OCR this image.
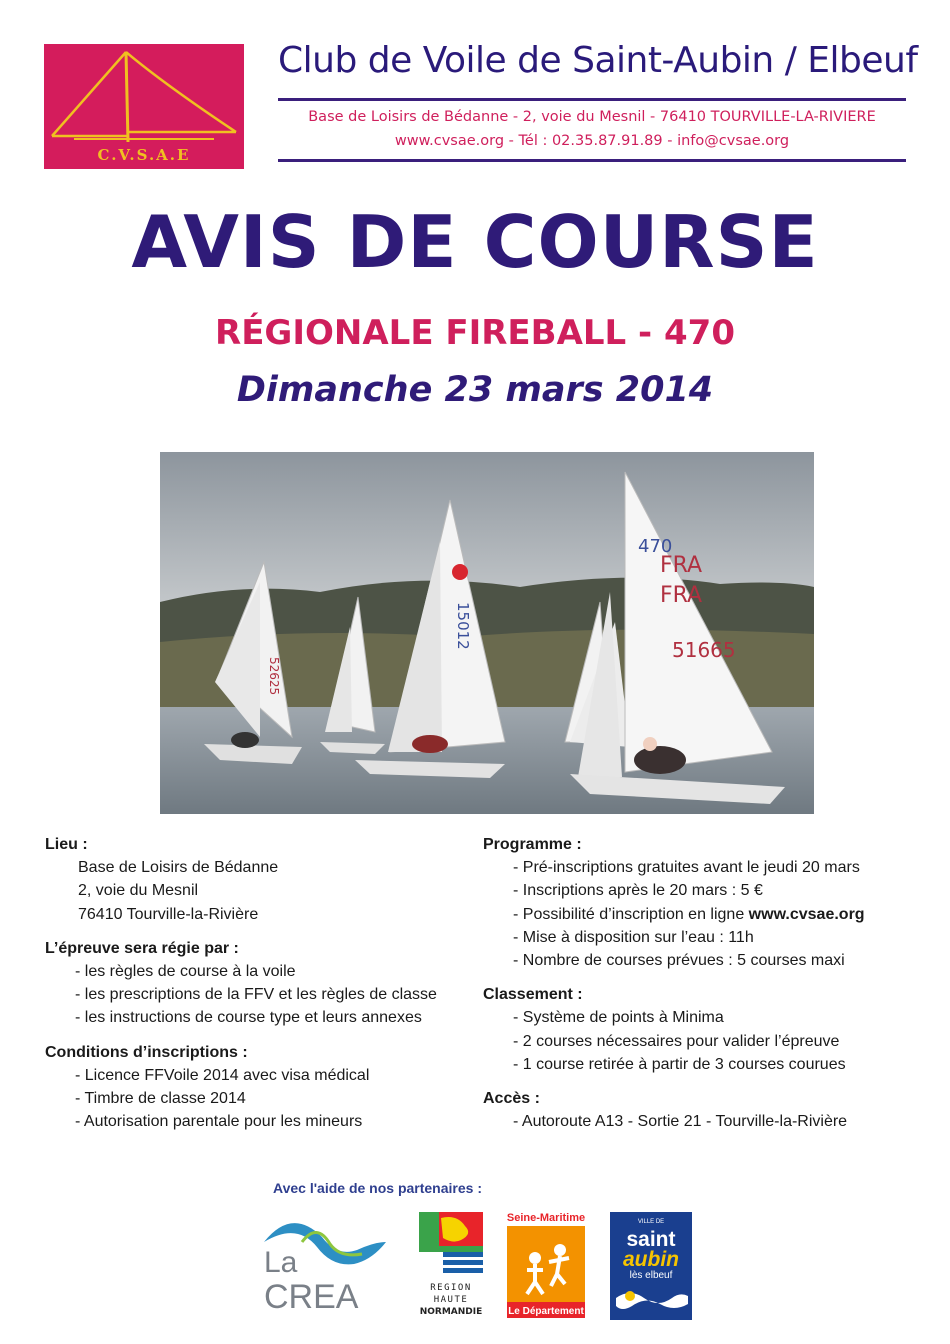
C.V.S.A.E
Club de Voile de Saint-Aubin / Elbeuf
Base de Loisirs de Bédanne - 2, voie du Mesnil - 76410 TOURVILLE-LA-RIVIERE
www.cvsae.org - Tél : 02.35.87.91.89 - info@cvsae.org
AVIS DE COURSE
RÉGIONALE FIREBALL - 470
Dimanche 23 mars 2014
52625
15012
FRA
FRA
51665
470
Lieu :
Base de Loisirs de Bédanne
2, voie du Mesnil
76410 Tourville-la-Rivière
L’épreuve sera régie par :
- les règles de course à la voile
- les prescriptions de la FFV et les règles de classe
- les instructions de course type et leurs annexes
Conditions d’inscriptions :
- Licence FFVoile 2014 avec visa médical
- Timbre de classe 2014
- Autorisation parentale pour les mineurs
Programme :
- Pré-inscriptions gratuites avant le jeudi 20 mars
- Inscriptions après le 20 mars : 5 €
- Possibilité d’inscription en ligne www.cvsae.org
- Mise à disposition sur l’eau : 11h
- Nombre de courses prévues : 5 courses maxi
Classement :
- Système de points à Minima
- 2 courses nécessaires pour valider l’épreuve
- 1 course retirée à partir de 3 courses courues
Accès :
- Autoroute A13 - Sortie 21 - Tourville-la-Rivière
Avec l'aide de nos partenaires :
La
CREA	REGION
HAUTE
NORMANDIE
Seine-Maritime
Le Département
VILLE DE
saint
aubin
lès elbeuf
